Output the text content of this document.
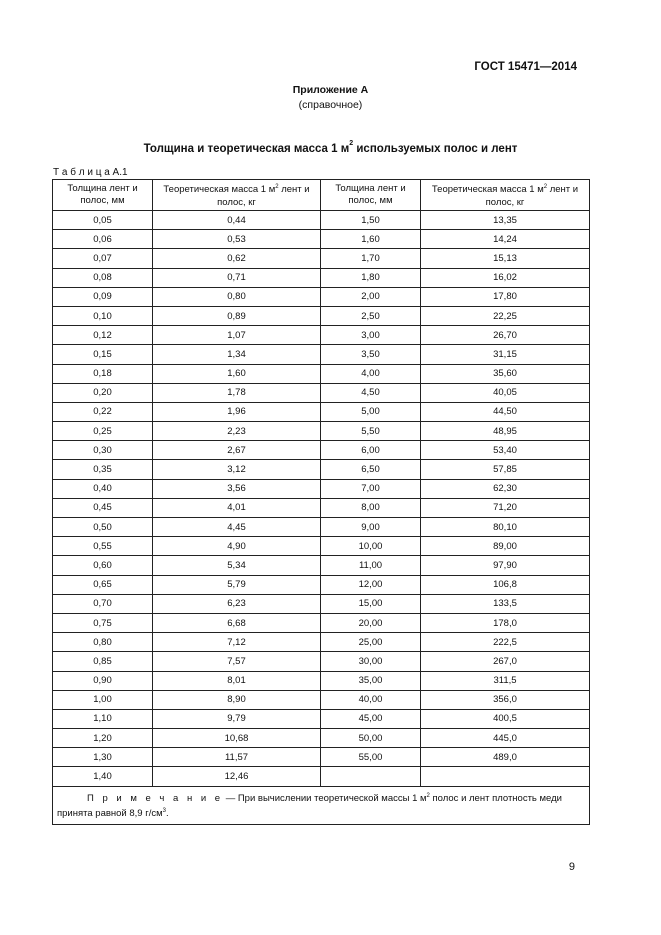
ГОСТ 15471—2014
Приложение А
(справочное)
Толщина и теоретическая масса 1 $м^2$ используемых полос и лент
Т а б л и ц а А.1
Толщина лент и полос, мм	Теоретическая масса 1 $м^2$ лент и полос, кг	Толщина лент и полос, мм	Теоретическая масса 1 $м^2$ лент и полос, кг
0,05	0,44	1,50	13,35
0,06	0,53	1,60	14,24
0,07	0,62	1,70	15,13
0,08	0,71	1,80	16,02
0,09	0,80	2,00	17,80
0,10	0,89	2,50	22,25
0,12	1,07	3,00	26,70
0,15	1,34	3,50	31,15
0,18	1,60	4,00	35,60
0,20	1,78	4,50	40,05
0,22	1,96	5,00	44,50
0,25	2,23	5,50	48,95
0,30	2,67	6,00	53,40
0,35	3,12	6,50	57,85
0,40	3,56	7,00	62,30
0,45	4,01	8,00	71,20
0,50	4,45	9,00	80,10
0,55	4,90	10,00	89,00
0,60	5,34	11,00	97,90
0,65	5,79	12,00	106,8
0,70	6,23	15,00	133,5
0,75	6,68	20,00	178,0
0,80	7,12	25,00	222,5
0,85	7,57	30,00	267,0
0,90	8,01	35,00	311,5
1,00	8,90	40,00	356,0
1,10	9,79	45,00	400,5
1,20	10,68	50,00	445,0
1,30	11,57	55,00	489,0
1,40	12,46		
П р и м е ч а н и е — При вычислении теоретической массы 1 $м^2$ полос и лент плотность меди принята равной 8,9 $г/см^3$.			
9
